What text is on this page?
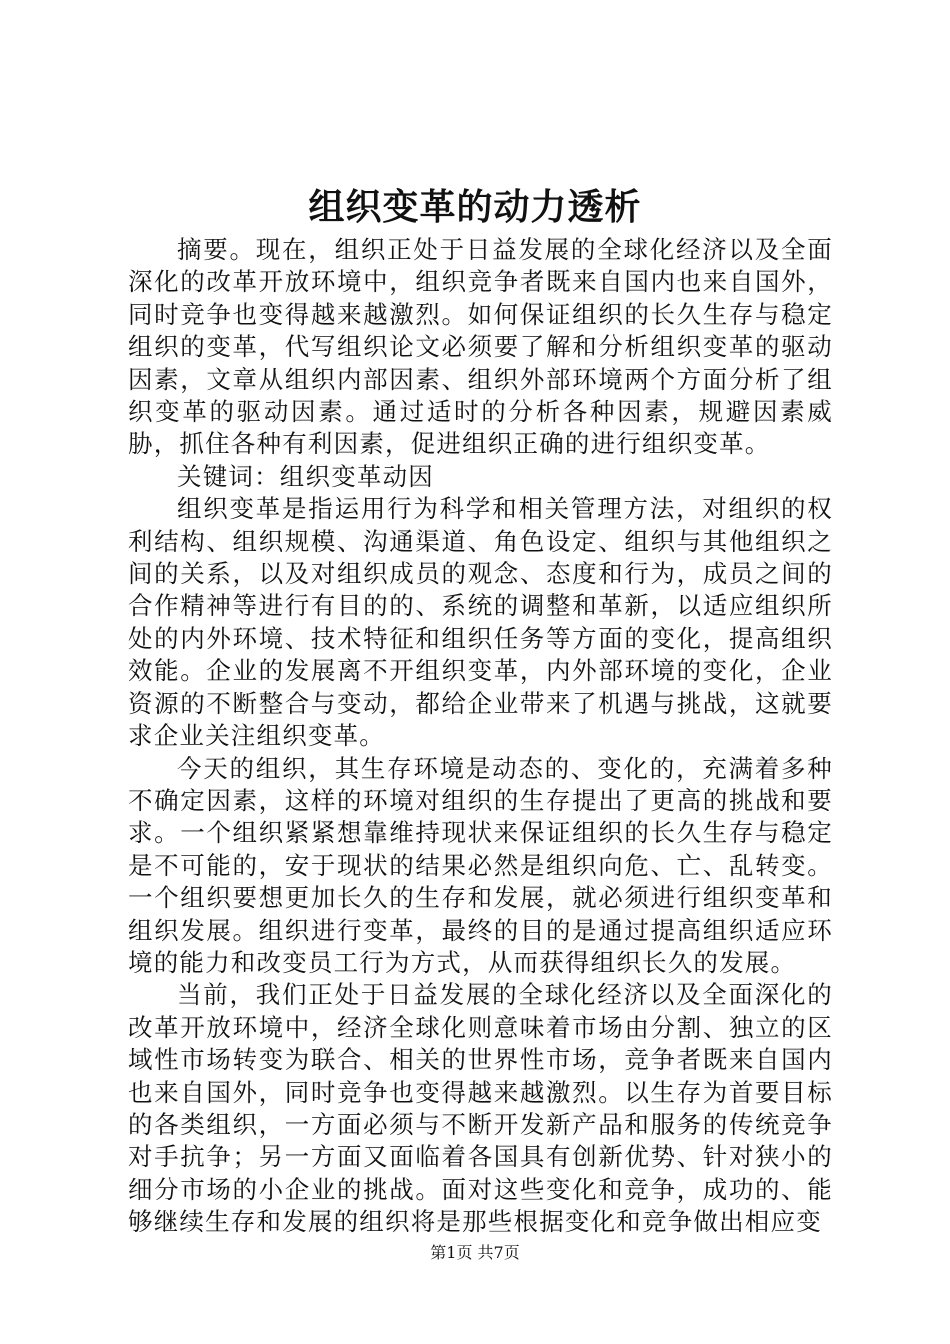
组织变革的动力透析

摘要。现在，组织正处于日益发展的全球化经济以及全面深化的改革开放环境中，组织竞争者既来自国内也来自国外，同时竞争也变得越来越激烈。如何保证组织的长久生存与稳定组织的变革，代写组织论文必须要了解和分析组织变革的驱动因素，文章从组织内部因素、组织外部环境两个方面分析了组织变革的驱动因素。通过适时的分析各种因素，规避因素威胁，抓住各种有利因素，促进组织正确的进行组织变革。

关键词：组织变革动因

组织变革是指运用行为科学和相关管理方法，对组织的权利结构、组织规模、沟通渠道、角色设定、组织与其他组织之间的关系，以及对组织成员的观念、态度和行为，成员之间的合作精神等进行有目的的、系统的调整和革新，以适应组织所处的内外环境、技术特征和组织任务等方面的变化，提高组织效能。企业的发展离不开组织变革，内外部环境的变化，企业资源的不断整合与变动，都给企业带来了机遇与挑战，这就要求企业关注组织变革。

今天的组织，其生存环境是动态的、变化的，充满着多种不确定因素，这样的环境对组织的生存提出了更高的挑战和要求。一个组织紧紧想靠维持现状来保证组织的长久生存与稳定是不可能的，安于现状的结果必然是组织向危、亡、乱转变。一个组织要想更加长久的生存和发展，就必须进行组织变革和组织发展。组织进行变革，最终的目的是通过提高组织适应环境的能力和改变员工行为方式，从而获得组织长久的发展。

当前，我们正处于日益发展的全球化经济以及全面深化的改革开放环境中，经济全球化则意味着市场由分割、独立的区域性市场转变为联合、相关的世界性市场，竞争者既来自国内也来自国外，同时竞争也变得越来越激烈。以生存为首要目标的各类组织，一方面必须与不断开发新产品和服务的传统竞争对手抗争；另一方面又面临着各国具有创新优势、针对狭小的细分市场的小企业的挑战。面对这些变化和竞争，成功的、能够继续生存和发展的组织将是那些根据变化和竞争做出相应变

第1页 共7页
